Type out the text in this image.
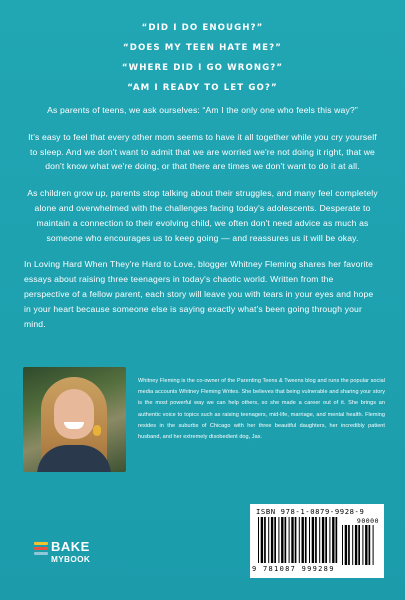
“DID I DO ENOUGH?”
“DOES MY TEEN HATE ME?”
“WHERE DID I GO WRONG?”
“AM I READY TO LET GO?”

As parents of teens, we ask ourselves: “Am I the only one who feels this way?”

It's easy to feel that every other mom seems to have it all together while you cry yourself to sleep. And we don't want to admit that we are worried we're not doing it right, that we don't know what we're doing, or that there are times we don't want to do it at all.

As children grow up, parents stop talking about their struggles, and many feel completely alone and overwhelmed with the challenges facing today's adolescents. Desperate to maintain a connection to their evolving child, we often don't need advice as much as someone who encourages us to keep going — and reassures us it will be okay.

In Loving Hard When They're Hard to Love, blogger Whitney Fleming shares her favorite essays about raising three teenagers in today's chaotic world. Written from the perspective of a fellow parent, each story will leave you with tears in your eyes and hope in your heart because someone else is saying exactly what's been going through your mind.

Whitney Fleming is the co-owner of the Parenting Teens & Tweens blog and runs the popular social media accounts Whitney Fleming Writes. She believes that being vulnerable and sharing your story is the most powerful way we can help others, so she made a career out of it. She brings an authentic voice to topics such as raising teenagers, mid-life, marriage, and mental health. Fleming resides in the suburbs of Chicago with her three beautiful daughters, her incredibly patient husband, and her extremely disobedient dog, Jax.
BAKE
MYBOOK
ISBN 978-1-0879-9928-9
90000
9 781087 999289
